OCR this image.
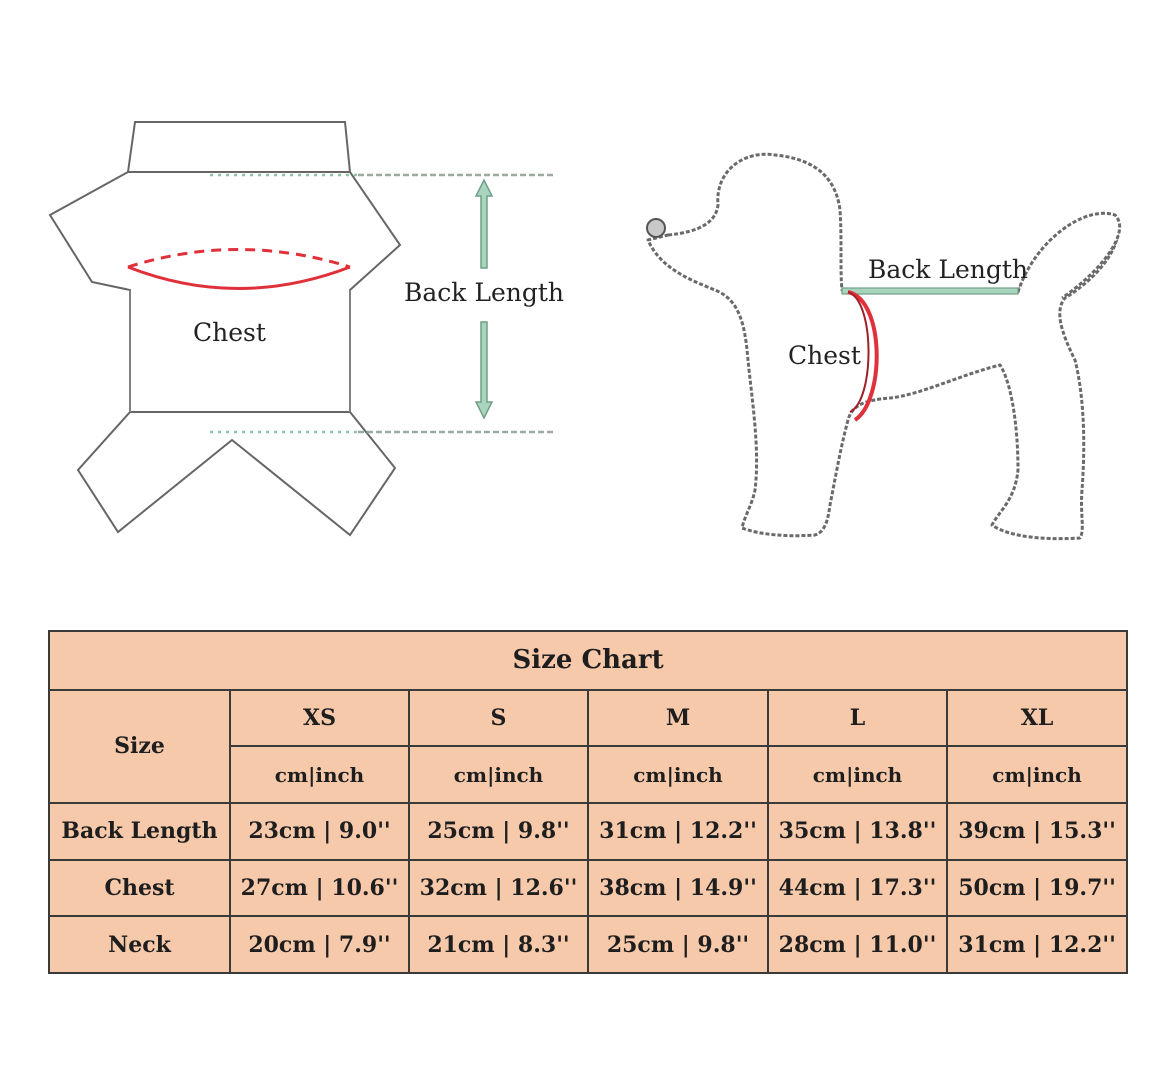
Chest
Back Length
Back Length
Chest
Size Chart					
Size	XS	S	M	L	XL
	cm|inch	cm|inch	cm|inch	cm|inch	cm|inch
Back Length	23cm | 9.0''	25cm | 9.8''	31cm | 12.2''	35cm | 13.8''	39cm | 15.3''
Chest	27cm | 10.6''	32cm | 12.6''	38cm | 14.9''	44cm | 17.3''	50cm | 19.7''
Neck	20cm | 7.9''	21cm | 8.3''	25cm | 9.8''	28cm | 11.0''	31cm | 12.2''
